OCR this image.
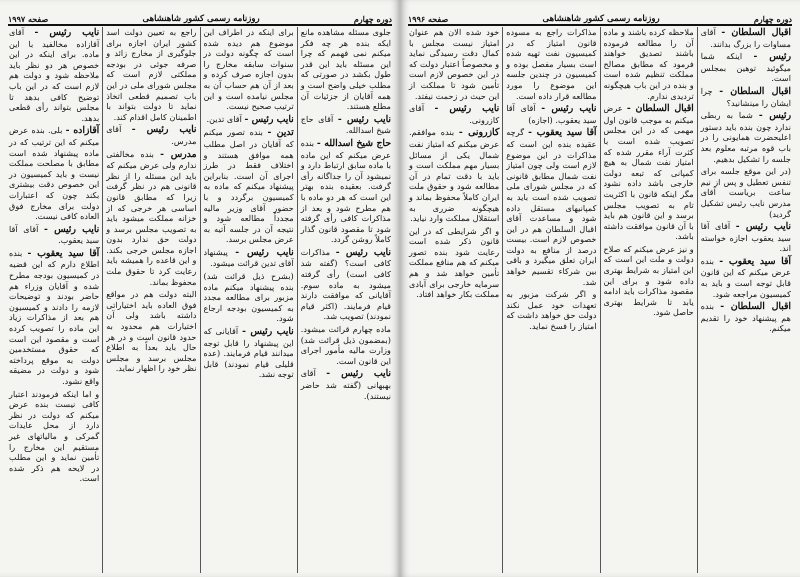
دوره چهارم
روزنامه رسمی کشور شاهنشاهی
صفحه ۱۹۹۷

جلوی مسئله مشاهده مانع ایکه بنده هر چه فکر میکنم نمی فهمم که چرا این مسئله باید این قدر طول بکشد در صورتی که مطلب خیلی واضح است و همه آقایان از جزئیات آن مطلع هستند.

نایب رئیس - آقای حاج شیخ اسدالله.

حاج شیخ اسدالله - بنده عرض میکنم که این ماده با ماده سابق ارتباط دارد و نمیشود آن را جداگانه رأی گرفت. بعقیده بنده بهتر این است که هر دو ماده با هم مطرح شود و بعد از مذاکرات کافی رأی گرفته شود تا مقصود قانون گذار کاملاً روشن گردد.

نایب رئیس - مذاکرات کافی است؟ (گفته شد کافی است) رأی گرفته میشود به ماده سوم. آقایانی که موافقت دارند قیام فرمایند. (اکثر قیام نمودند) تصویب شد.

ماده چهارم قرائت میشود. (بمضمون ذیل قرائت شد) وزارت مالیه مأمور اجرای این قانون است.

نایب رئیس - آقای بهبهانی (گفته شد حاضر نیستند).

برای اینکه در اطراف این موضوع هم دیده شده است که چگونه دولت در سنوات سابقه مخارج را بدون اجازه صرف کرده و بعد از آن هم حساب آن به مجلس نیامده است و این ترتیب صحیح نیست.

نایب رئیس - آقای تدین.

تدین - بنده تصور میکنم که آقایان در اصل مطلب همه موافق هستند و اختلاف فقط در طرز اجرای آن است. بنابراین پیشنهاد میکنم که ماده به کمیسیون برگردد و با حضور آقای وزیر مالیه مجدداً مطالعه شود و نتیجه آن در جلسه آتیه به عرض مجلس برسد.

نایب رئیس - پیشنهاد آقای تدین قرائت میشود.

(بشرح ذیل قرائت شد) بنده پیشنهاد میکنم ماده مزبور برای مطالعه مجدد به کمیسیون بودجه ارجاع شود.

نایب رئیس - آقایانی که این پیشنهاد را قابل توجه میدانند قیام فرمایند. (عده قلیلی قیام نمودند) قابل توجه نشد.

راجع به تعیین دولت اسد کشور ایران اجازه برای جلوگیری از مخارج زائد و صرفه جوئی در بودجه مملکتی لازم است که مجلس شورای ملی در این باب تصمیم قطعی اتخاذ نماید تا دولت بتواند با اطمینان کامل اقدام کند.

نایب رئیس - آقای مدرس.

مدرس - بنده مخالفتی ندارم ولی عرض میکنم که باید این مسئله را از نظر قانونی هم در نظر گرفت زیرا که مطابق قانون اساسی هر خرجی که از خزانه مملکت میشود باید به تصویب مجلس برسد و دولت حق ندارد بدون اجازه مجلس خرجی بکند. و این قاعده را همیشه باید رعایت کرد تا حقوق ملت محفوظ بماند.

البته دولت هم در مواقع فوق العاده باید اختیاراتی داشته باشد ولی آن اختیارات هم محدود به حدود قانون است و در هر حال باید بعداً به اطلاع مجلس برسد و مجلس نظر خود را اظهار نماید.

نایب رئیس - آقای آقازاده مخالفید با این ماده. برای اینکه در این خصوص هر دو نظر باید ملاحظه شود و دولت هم لازم است که در این باب توضیح کافی بدهد تا مجلس بتواند رأی قطعی بدهد.

آقازاده - بلی. بنده عرض میکنم که این ترتیب که در ماده پیشنهاد شده است مطابق با مصلحت مملکت نیست و باید کمیسیون در این خصوص دقت بیشتری بکند چون که اعتبارات دولت برای مخارج فوق العاده کافی نیست.

نایب رئیس - آقای آقا سید یعقوب.

آقا سید یعقوب - بنده اطلاع دارم که این قضیه در کمیسیون بودجه مطرح شده و آقایان وزراء هم حاضر بودند و توضیحات لازمه را دادند و کمیسیون هم بعد از مذاکرات زیاد این ماده را تصویب کرده است و مقصود این است که حقوق مستخدمین دولت به موقع پرداخته شود و دولت در مضیقه واقع نشود.

و اما اینکه فرمودند اعتبار کافی نیست بنده عرض میکنم که دولت در نظر دارد از محل عایدات گمرکی و مالیاتهای غیر مستقیم این مخارج را تأمین نماید و این مطلب در لایحه هم ذکر شده است.

دوره چهارم
روزنامه رسمی کشور شاهنشاهی
صفحه ۱۹۹۶

اقبال السلطان - آقای مساوات را بزرگ بدانند.

رئیس - اینکه شما میگوئید توهین بمجلس است.

اقبال السلطان - چرا ایشان را مینشانید؟

رئیس - شما به ربطی ندارد چون بنده باید دستور اعلیحضرت همایونی را در باب قوه مرتبه معلوم بعد جلسه را تشکیل بدهیم.

(در این موقع جلسه برای تنفس تعطیل و پس از نیم ساعت بریاست آقای مدرس نایب رئیس تشکیل گردید)

نایب رئیس - آقای آقا سید یعقوب اجازه خواسته اند.

آقا سید یعقوب - بنده عرض میکنم که این قانون قابل توجه است و باید به کمیسیون مراجعه شود.

اقبال السلطان - بنده هم پیشنهاد خود را تقدیم میکنم.

ملاحظه کرده باشند و ماده آن را مطالعه فرموده باشند تصدیق خواهند فرمود که مطابق مصالح مملکت تنظیم شده است و بنده در این باب هیچگونه تردیدی ندارم.

اقبال السلطان - عرض میکنم به موجب قانون اول مهمی که در این مجلس تصویب شده است با کثرت آراء مقرر شده که امتیاز نفت شمال به هیچ کمپانی که تبعه دولت خارجی باشد داده نشود مگر اینکه قانون با اکثریت تام به تصویب مجلس برسد و این قانون هم باید با آن قانون موافقت داشته باشد.

و نیز عرض میکنم که صلاح دولت و ملت این است که این امتیاز به شرایط بهتری داده شود و برای این مقصود مذاکرات باید ادامه یابد تا شرایط بهتری حاصل شود.

مذاکرات راجع به مسوده قانون امتیاز که در کمیسیون نفت تهیه شده است بسیار مفصل بوده و کمیسیون در چندین جلسه این موضوع را مورد مطالعه قرار داده است.

نایب رئیس - آقای آقا سید یعقوب. (اجازه)

آقا سید یعقوب - گرچه عقیده بنده این است که مذاکرات در این موضوع لازم است ولی چون امتیاز نفت شمال مطابق قانونی که در مجلس شورای ملی تصویب شده است باید به کمپانیهای مستقل داده شود و مساعدت آقای اقبال السلطان هم در این خصوص لازم است. بیست درصد از منافع به دولت ایران تعلق میگیرد و باقی بین شرکاء تقسیم خواهد شد.

و اگر شرکت مزبور به تعهدات خود عمل نکند دولت حق خواهد داشت که امتیاز را فسخ نماید.

خود شده الان هم عنوان امتیاز نیست مجلس با کمال دقت رسیدگی نماید و مخصوصاً اعتبار دولت که در این خصوص لازم است تأمین شود تا مملکت از این حیث در زحمت نیفتد.

نایب رئیس - آقای کازرونی.

کازرونی - بنده موافقم. عرض میکنم که امتیاز نفت شمال یکی از مسائل بسیار مهم مملکت است و باید با دقت تمام در آن مطالعه شود و حقوق ملت ایران کاملاً محفوظ بماند و هیچگونه ضرری به استقلال مملکت وارد نیاید.

و اگر شرایطی که در این قانون ذکر شده است رعایت شود بنده تصور میکنم که هم منافع مملکت تأمین خواهد شد و هم سرمایه خارجی برای آبادی مملکت بکار خواهد افتاد.
